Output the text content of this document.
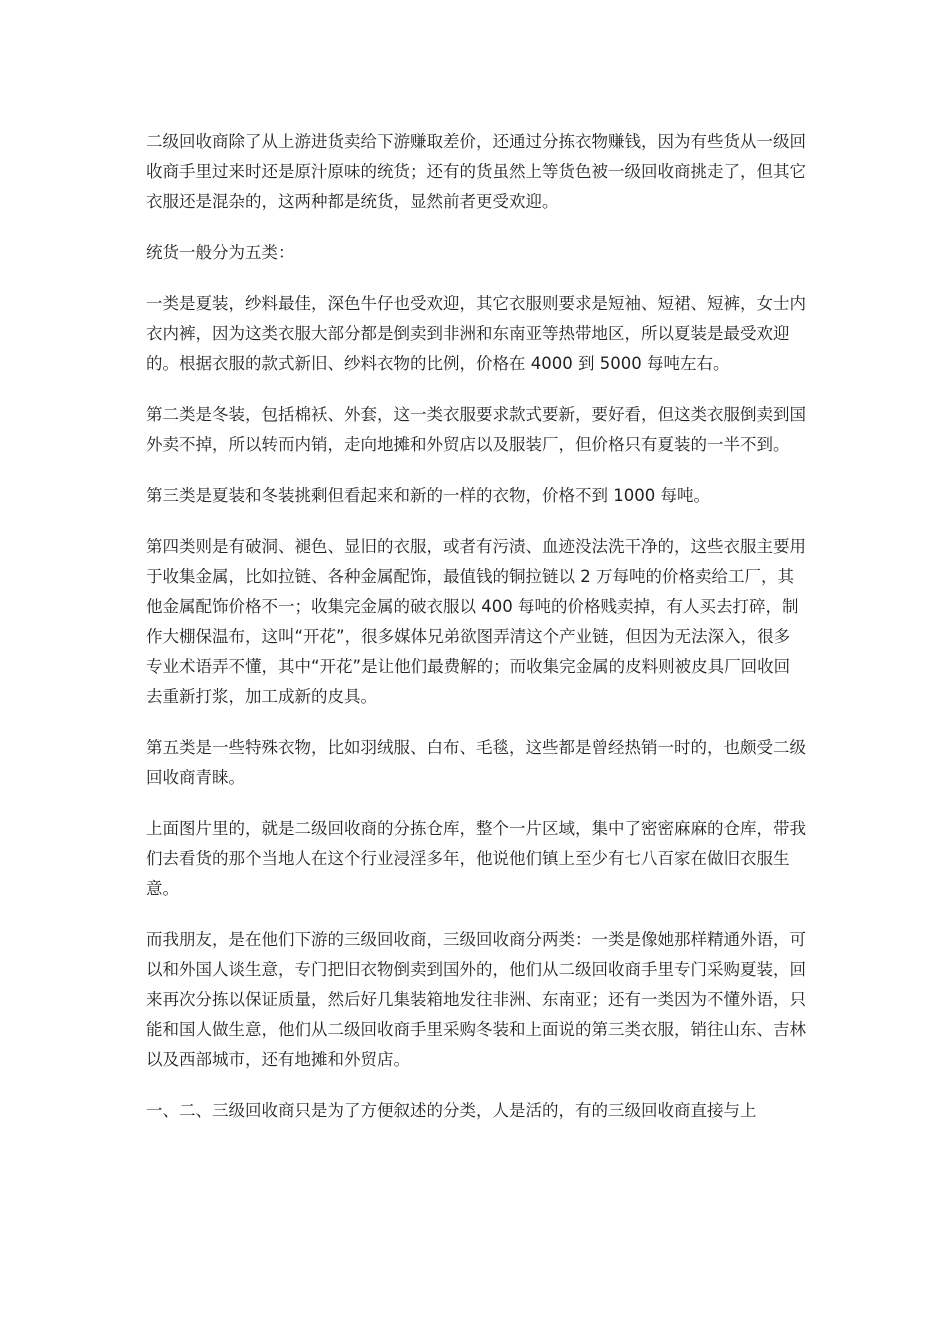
二级回收商除了从上游进货卖给下游赚取差价，还通过分拣衣物赚钱，因为有些货从一级回收商手里过来时还是原汁原味的统货；还有的货虽然上等货色被一级回收商挑走了，但其它衣服还是混杂的，这两种都是统货，显然前者更受欢迎。

统货一般分为五类：

一类是夏装，纱料最佳，深色牛仔也受欢迎，其它衣服则要求是短袖、短裙、短裤，女士内衣内裤，因为这类衣服大部分都是倒卖到非洲和东南亚等热带地区，所以夏装是最受欢迎的。根据衣服的款式新旧、纱料衣物的比例，价格在 4000 到 5000 每吨左右。

第二类是冬装，包括棉袄、外套，这一类衣服要求款式要新，要好看，但这类衣服倒卖到国外卖不掉，所以转而内销，走向地摊和外贸店以及服装厂，但价格只有夏装的一半不到。

第三类是夏装和冬装挑剩但看起来和新的一样的衣物，价格不到 1000 每吨。

第四类则是有破洞、褪色、显旧的衣服，或者有污渍、血迹没法洗干净的，这些衣服主要用于收集金属，比如拉链、各种金属配饰，最值钱的铜拉链以 2 万每吨的价格卖给工厂，其他金属配饰价格不一；收集完金属的破衣服以 400 每吨的价格贱卖掉，有人买去打碎，制作大棚保温布，这叫“开花”，很多媒体兄弟欲图弄清这个产业链，但因为无法深入，很多专业术语弄不懂，其中“开花”是让他们最费解的；而收集完金属的皮料则被皮具厂回收回去重新打浆，加工成新的皮具。

第五类是一些特殊衣物，比如羽绒服、白布、毛毯，这些都是曾经热销一时的，也颇受二级回收商青睐。

上面图片里的，就是二级回收商的分拣仓库，整个一片区域，集中了密密麻麻的仓库，带我们去看货的那个当地人在这个行业浸淫多年，他说他们镇上至少有七八百家在做旧衣服生意。

而我朋友，是在他们下游的三级回收商，三级回收商分两类：一类是像她那样精通外语，可以和外国人谈生意，专门把旧衣物倒卖到国外的，他们从二级回收商手里专门采购夏装，回来再次分拣以保证质量，然后好几集装箱地发往非洲、东南亚；还有一类因为不懂外语，只能和国人做生意，他们从二级回收商手里采购冬装和上面说的第三类衣服，销往山东、吉林以及西部城市，还有地摊和外贸店。

一、二、三级回收商只是为了方便叙述的分类，人是活的，有的三级回收商直接与上
